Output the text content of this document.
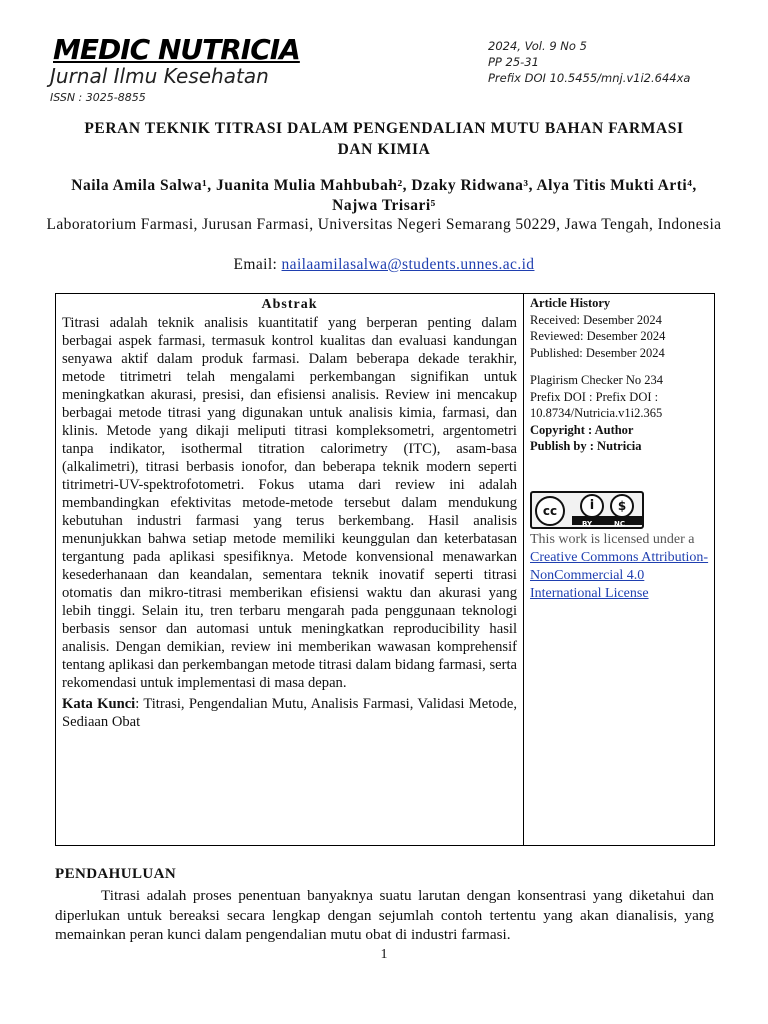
MEDIC NUTRICIA
Jurnal Ilmu Kesehatan
ISSN : 3025-8855
2024, Vol. 9 No 5
PP 25-31
Prefix DOI 10.5455/mnj.v1i2.644xa
PERAN TEKNIK TITRASI DALAM PENGENDALIAN MUTU BAHAN FARMASI
DAN KIMIA
Naila Amila Salwa¹, Juanita Mulia Mahbubah², Dzaky Ridwana³, Alya Titis Mukti Arti⁴,
Najwa Trisari⁵
Laboratorium Farmasi, Jurusan Farmasi, Universitas Negeri Semarang 50229, Jawa Tengah, Indonesia
Email: nailaamilasalwa@students.unnes.ac.id
Abstrak

Titrasi adalah teknik analisis kuantitatif yang berperan penting dalam berbagai aspek farmasi, termasuk kontrol kualitas dan evaluasi kandungan senyawa aktif dalam produk farmasi. Dalam beberapa dekade terakhir, metode titrimetri telah mengalami perkembangan signifikan untuk meningkatkan akurasi, presisi, dan efisiensi analisis. Review ini mencakup berbagai metode titrasi yang digunakan untuk analisis kimia, farmasi, dan klinis. Metode yang dikaji meliputi titrasi kompleksometri, argentometri tanpa indikator, isothermal titration calorimetry (ITC), asam-basa (alkalimetri), titrasi berbasis ionofor, dan beberapa teknik modern seperti titrimetri-UV-spektrofotometri. Fokus utama dari review ini adalah membandingkan efektivitas metode-metode tersebut dalam mendukung kebutuhan industri farmasi yang terus berkembang. Hasil analisis menunjukkan bahwa setiap metode memiliki keunggulan dan keterbatasan tergantung pada aplikasi spesifiknya. Metode konvensional menawarkan kesederhanaan dan keandalan, sementara teknik inovatif seperti titrasi otomatis dan mikro-titrasi memberikan efisiensi waktu dan akurasi yang lebih tinggi. Selain itu, tren terbaru mengarah pada penggunaan teknologi berbasis sensor dan automasi untuk meningkatkan reproducibility hasil analisis. Dengan demikian, review ini memberikan wawasan komprehensif tentang aplikasi dan perkembangan metode titrasi dalam bidang farmasi, serta rekomendasi untuk implementasi di masa depan.

Kata Kunci: Titrasi, Pengendalian Mutu, Analisis Farmasi, Validasi Metode, Sediaan Obat
Article History
Received: Desember 2024
Reviewed: Desember 2024
Published: Desember 2024
Plagirism Checker No 234
Prefix DOI : Prefix DOI : 10.8734/Nutricia.v1i2.365
Copyright : Author
Publish by : Nutricia
cc	i	$
BY	NC
This work is licensed under a Creative Commons Attribution-NonCommercial 4.0 International License
PENDAHULUAN
Titrasi adalah proses penentuan banyaknya suatu larutan dengan konsentrasi yang diketahui dan diperlukan untuk bereaksi secara lengkap dengan sejumlah contoh tertentu yang akan dianalisis, yang memainkan peran kunci dalam pengendalian mutu obat di industri farmasi.
1
